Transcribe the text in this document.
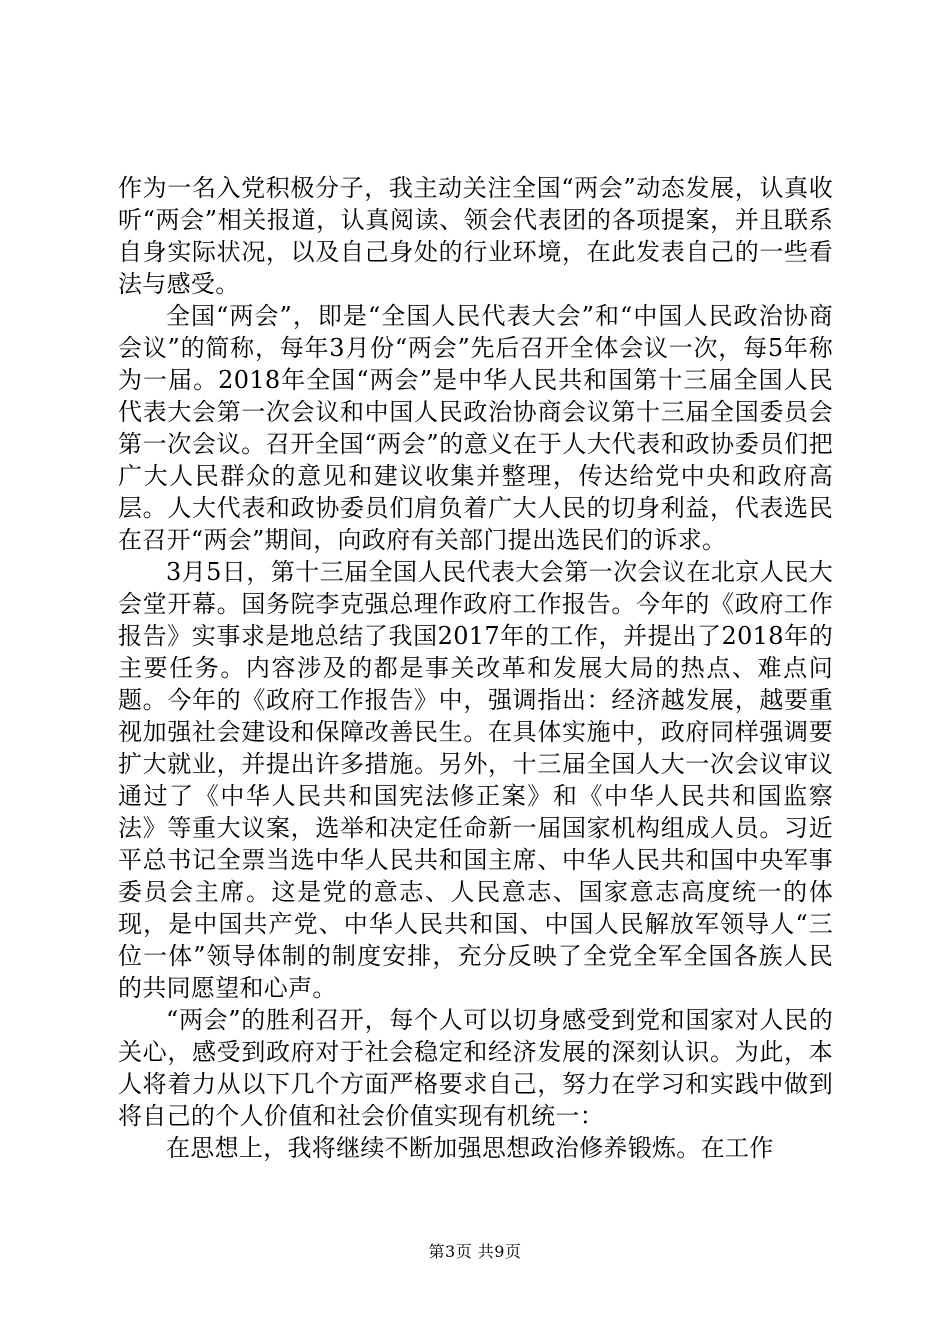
作为一名入党积极分子，我主动关注全国“两会”动态发展，认真收听“两会”相关报道，认真阅读、领会代表团的各项提案，并且联系自身实际状况，以及自己身处的行业环境，在此发表自己的一些看法与感受。

全国“两会”，即是“全国人民代表大会”和“中国人民政治协商会议”的简称，每年3月份“两会”先后召开全体会议一次，每5年称为一届。2018年全国“两会”是中华人民共和国第十三届全国人民代表大会第一次会议和中国人民政治协商会议第十三届全国委员会第一次会议。召开全国“两会”的意义在于人大代表和政协委员们把广大人民群众的意见和建议收集并整理，传达给党中央和政府高层。人大代表和政协委员们肩负着广大人民的切身利益，代表选民在召开“两会”期间，向政府有关部门提出选民们的诉求。

3月5日，第十三届全国人民代表大会第一次会议在北京人民大会堂开幕。国务院李克强总理作政府工作报告。今年的《政府工作报告》实事求是地总结了我国2017年的工作，并提出了2018年的主要任务。内容涉及的都是事关改革和发展大局的热点、难点问题。今年的《政府工作报告》中，强调指出：经济越发展，越要重视加强社会建设和保障改善民生。在具体实施中，政府同样强调要扩大就业，并提出许多措施。另外，十三届全国人大一次会议审议通过了《中华人民共和国宪法修正案》和《中华人民共和国监察法》等重大议案，选举和决定任命新一届国家机构组成人员。习近平总书记全票当选中华人民共和国主席、中华人民共和国中央军事委员会主席。这是党的意志、人民意志、国家意志高度统一的体现，是中国共产党、中华人民共和国、中国人民解放军领导人“三位一体”领导体制的制度安排，充分反映了全党全军全国各族人民的共同愿望和心声。

“两会”的胜利召开，每个人可以切身感受到党和国家对人民的关心，感受到政府对于社会稳定和经济发展的深刻认识。为此，本人将着力从以下几个方面严格要求自己，努力在学习和实践中做到将自己的个人价值和社会价值实现有机统一：

在思想上，我将继续不断加强思想政治修养锻炼。在工作

第3页 共9页
